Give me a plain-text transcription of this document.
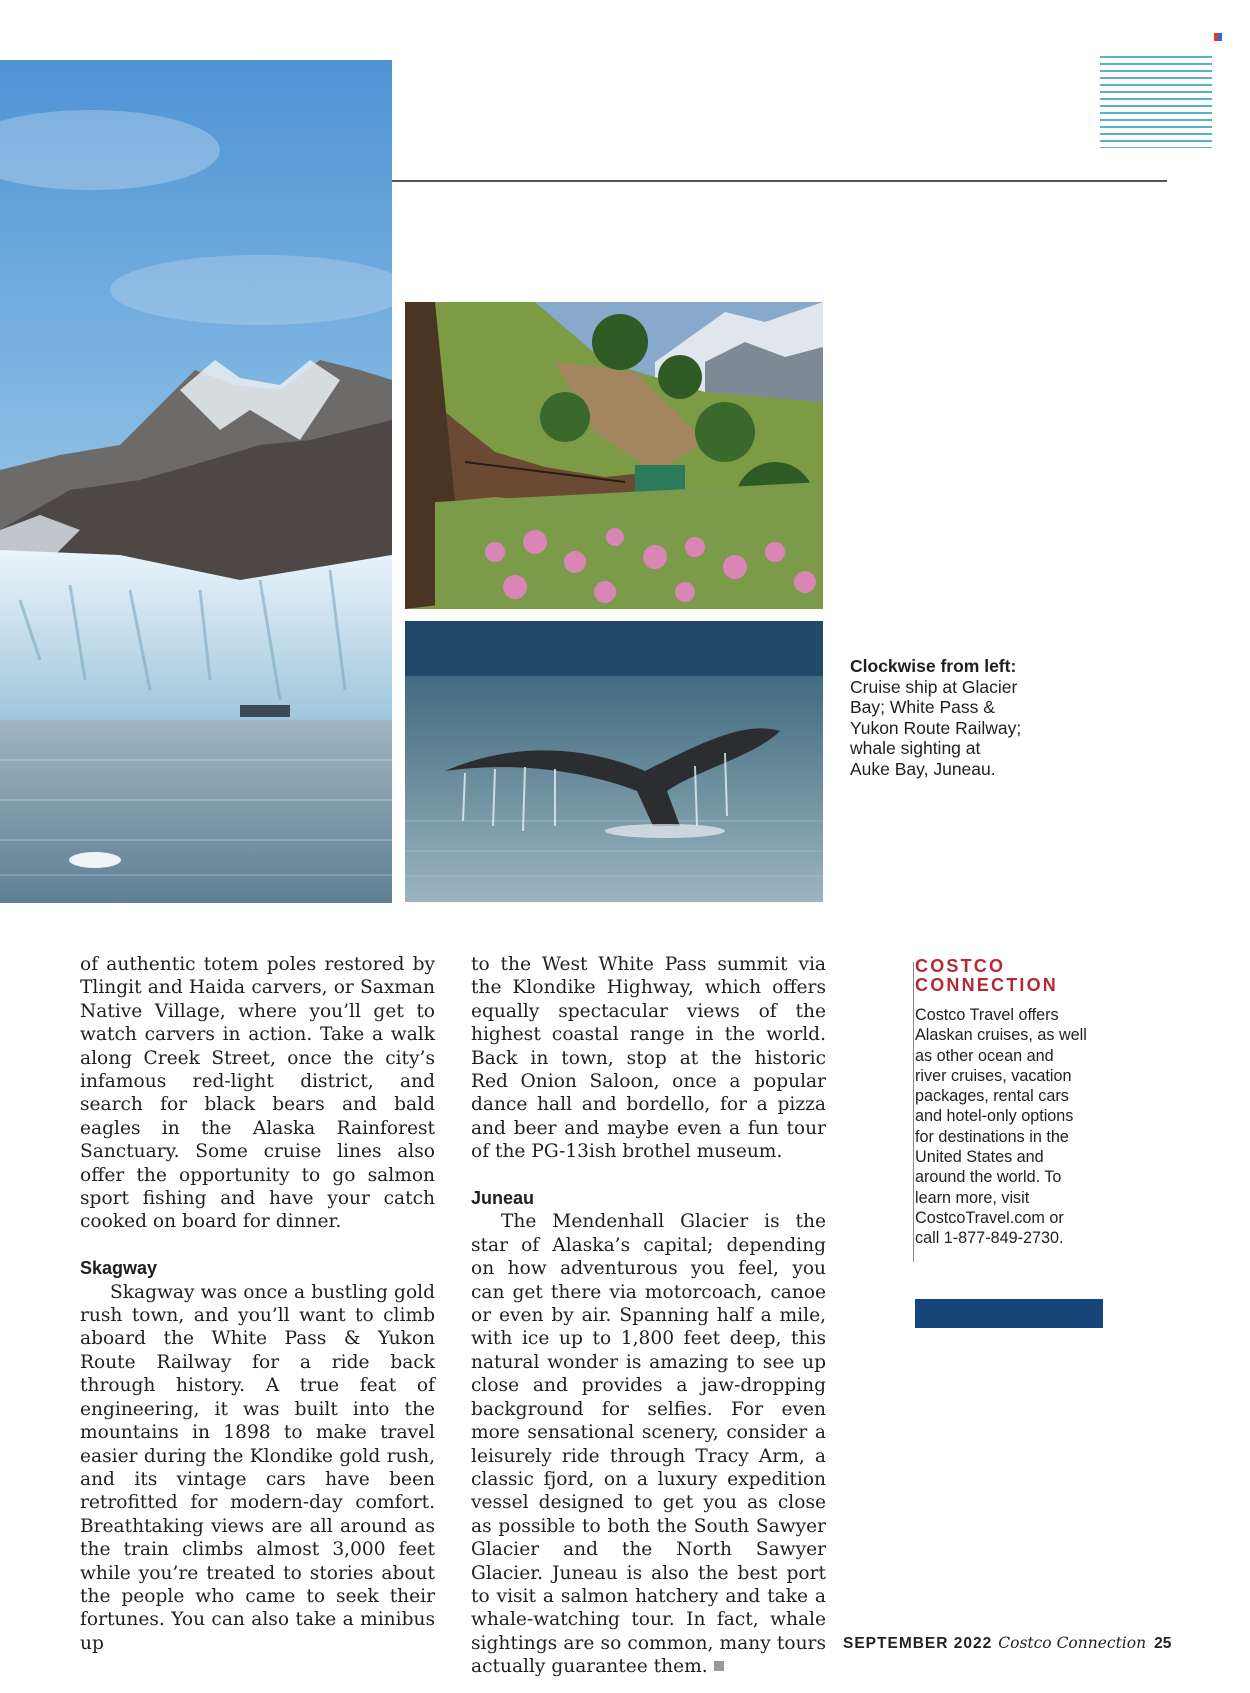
Clockwise from left:
Cruise ship at Glacier
Bay; White Pass &
Yukon Route Railway;
whale sighting at
Auke Bay, Juneau.

of authentic totem poles restored by Tlingit and Haida carvers, or Saxman Native Village, where you’ll get to watch carvers in action. Take a walk along Creek Street, once the city’s infamous red-light district, and search for black bears and bald eagles in the Alaska Rainforest Sanctuary. Some cruise lines also offer the opportunity to go salmon sport fishing and have your catch cooked on board for dinner.

Skagway

Skagway was once a bustling gold rush town, and you’ll want to climb aboard the White Pass & Yukon Route Railway for a ride back through history. A true feat of engineering, it was built into the mountains in 1898 to make travel easier during the Klondike gold rush, and its vintage cars have been retrofitted for modern-day comfort. Breathtaking views are all around as the train climbs almost 3,000 feet while you’re treated to stories about the people who came to seek their fortunes. You can also take a minibus up

to the West White Pass summit via the Klondike Highway, which offers equally spectacular views of the highest coastal range in the world. Back in town, stop at the historic Red Onion Saloon, once a popular dance hall and bordello, for a pizza and beer and maybe even a fun tour of the PG-13ish brothel museum.

Juneau

The Mendenhall Glacier is the star of Alaska’s capital; depending on how adventurous you feel, you can get there via motorcoach, canoe or even by air. Spanning half a mile, with ice up to 1,800 feet deep, this natural wonder is amazing to see up close and provides a jaw-dropping background for selfies. For even more sensational scenery, consider a leisurely ride through Tracy Arm, a classic fjord, on a luxury expedition vessel designed to get you as close as possible to both the South Sawyer Glacier and the North Sawyer Glacier. Juneau is also the best port to visit a salmon hatchery and take a whale-watching tour. In fact, whale sightings are so common, many tours actually guarantee them.

COSTCO
CONNECTION

Costco Travel offers Alaskan cruises, as well as other ocean and river cruises, vacation packages, rental cars and hotel-only options for destinations in the United States and around the world. To learn more, visit CostcoTravel.com or call 1-877-849-2730.

SEPTEMBER 2022 Costco Connection 25
